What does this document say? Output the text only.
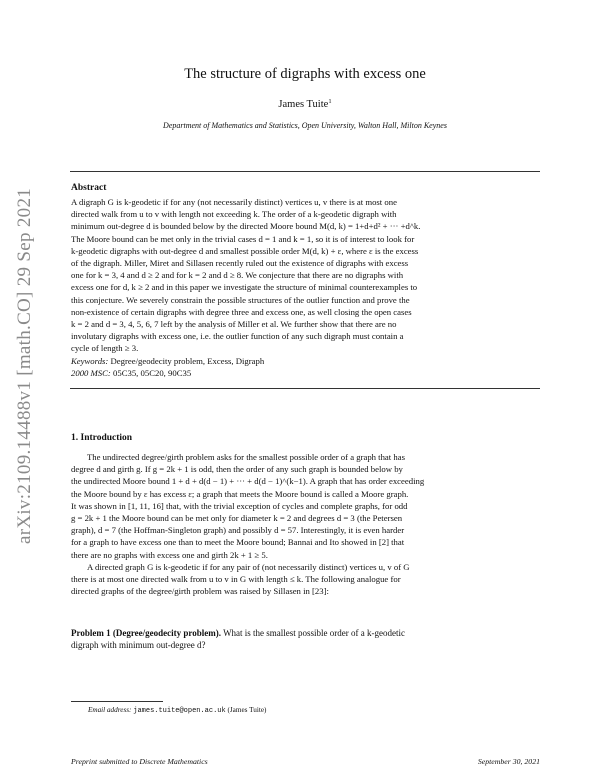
arXiv:2109.14488v1 [math.CO] 29 Sep 2021
The structure of digraphs with excess one
James Tuite$^1$
Department of Mathematics and Statistics, Open University, Walton Hall, Milton Keynes
Abstract

A digraph G is k-geodetic if for any (not necessarily distinct) vertices u, v there is at most one

directed walk from u to v with length not exceeding k. The order of a k-geodetic digraph with

minimum out-degree d is bounded below by the directed Moore bound M(d, k) = 1+d+d² + ··· +d^k.

The Moore bound can be met only in the trivial cases d = 1 and k = 1, so it is of interest to look for

k-geodetic digraphs with out-degree d and smallest possible order M(d, k) + ε, where ε is the excess

of the digraph. Miller, Miret and Sillasen recently ruled out the existence of digraphs with excess

one for k = 3, 4 and d ≥ 2 and for k = 2 and d ≥ 8. We conjecture that there are no digraphs with

excess one for d, k ≥ 2 and in this paper we investigate the structure of minimal counterexamples to

this conjecture. We severely constrain the possible structures of the outlier function and prove the

non-existence of certain digraphs with degree three and excess one, as well closing the open cases

k = 2 and d = 3, 4, 5, 6, 7 left by the analysis of Miller et al. We further show that there are no

involutary digraphs with excess one, i.e. the outlier function of any such digraph must contain a

cycle of length ≥ 3.

Keywords: Degree/geodecity problem, Excess, Digraph
2000 MSC: 05C35, 05C20, 90C35
1. Introduction

The undirected degree/girth problem asks for the smallest possible order of a graph that has

degree d and girth g. If g = 2k + 1 is odd, then the order of any such graph is bounded below by

the undirected Moore bound 1 + d + d(d − 1) + ··· + d(d − 1)^(k−1). A graph that has order exceeding

the Moore bound by ε has excess ε; a graph that meets the Moore bound is called a Moore graph.

It was shown in [1, 11, 16] that, with the trivial exception of cycles and complete graphs, for odd

g = 2k + 1 the Moore bound can be met only for diameter k = 2 and degrees d = 3 (the Petersen

graph), d = 7 (the Hoffman-Singleton graph) and possibly d = 57. Interestingly, it is even harder

for a graph to have excess one than to meet the Moore bound; Bannai and Ito showed in [2] that

there are no graphs with excess one and girth 2k + 1 ≥ 5.

A directed graph G is k-geodetic if for any pair of (not necessarily distinct) vertices u, v of G

there is at most one directed walk from u to v in G with length ≤ k. The following analogue for

directed graphs of the degree/girth problem was raised by Sillasen in [23]:

Problem 1 (Degree/geodecity problem). What is the smallest possible order of a k-geodetic
digraph with minimum out-degree d?
Email address: james.tuite@open.ac.uk (James Tuite)
Preprint submitted to Discrete Mathematics	September 30, 2021
